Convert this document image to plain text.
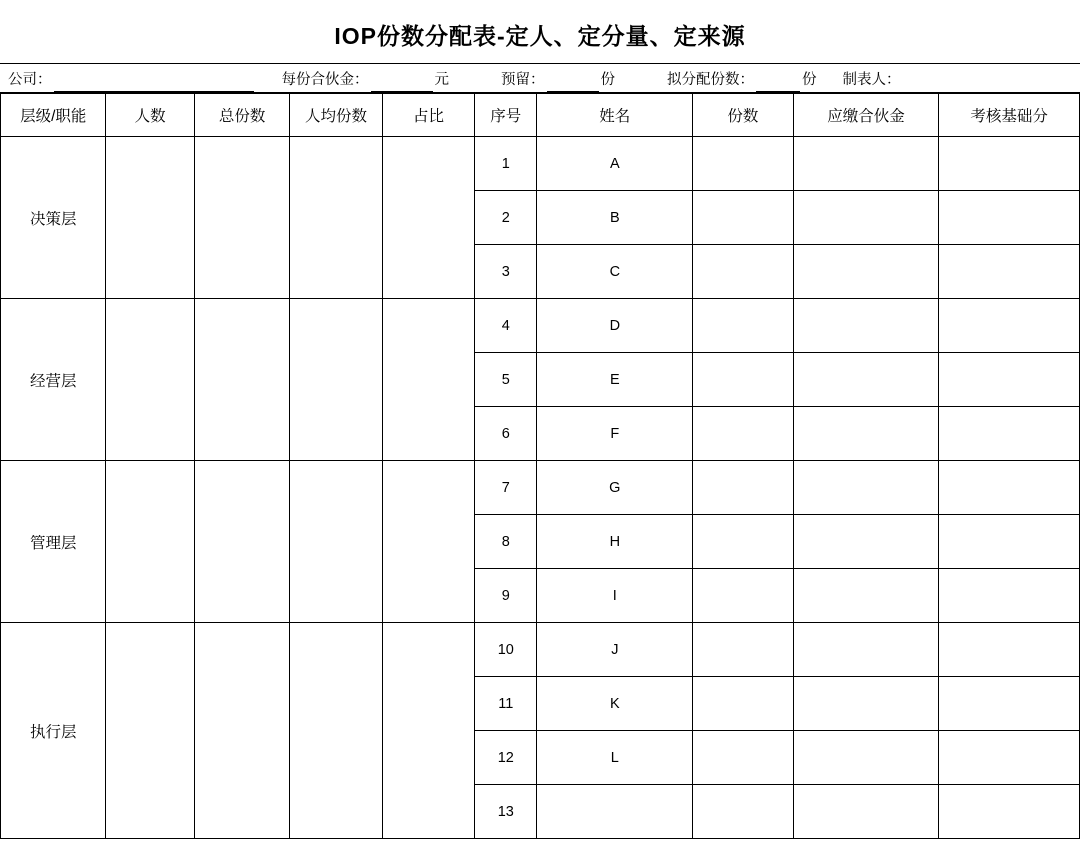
IOP份数分配表-定人、定分量、定来源
公司：	每份合伙金：	元	预留：	份	拟分配份数：	份 制表人：
层级/职能	人数	总份数	人均份数	占比	序号	姓名	份数	应缴合伙金	考核基础分
决策层					1	A			
					2	B			
					3	C			
经营层					4	D			
					5	E			
					6	F			
管理层					7	G			
					8	H			
					9	I			
执行层					10	J			
					11	K			
					12	L			
					13				
